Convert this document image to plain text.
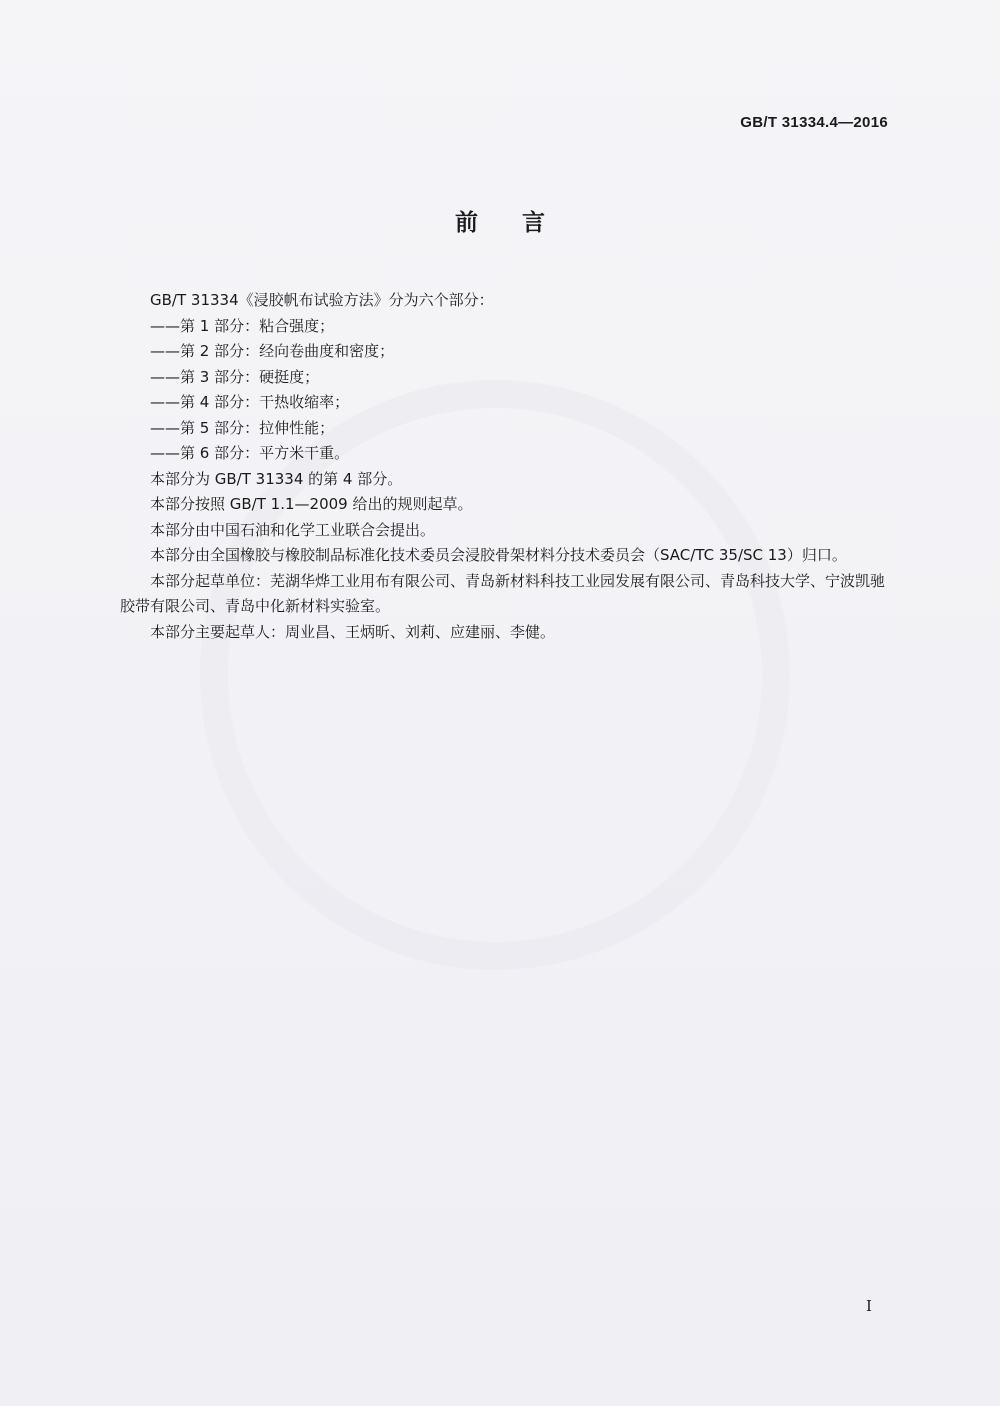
GB/T 31334.4—2016
前言

GB/T 31334《浸胶帆布试验方法》分为六个部分：

——第 1 部分：粘合强度；
——第 2 部分：经向卷曲度和密度；
——第 3 部分：硬挺度；
——第 4 部分：干热收缩率；
——第 5 部分：拉伸性能；
——第 6 部分：平方米干重。

本部分为 GB/T 31334 的第 4 部分。

本部分按照 GB/T 1.1—2009 给出的规则起草。

本部分由中国石油和化学工业联合会提出。

本部分由全国橡胶与橡胶制品标准化技术委员会浸胶骨架材料分技术委员会（SAC/TC 35/SC 13）归口。

本部分起草单位：芜湖华烨工业用布有限公司、青岛新材料科技工业园发展有限公司、青岛科技大学、宁波凯驰胶带有限公司、青岛中化新材料实验室。

本部分主要起草人：周业昌、王炳昕、刘莉、应建丽、李健。

I
